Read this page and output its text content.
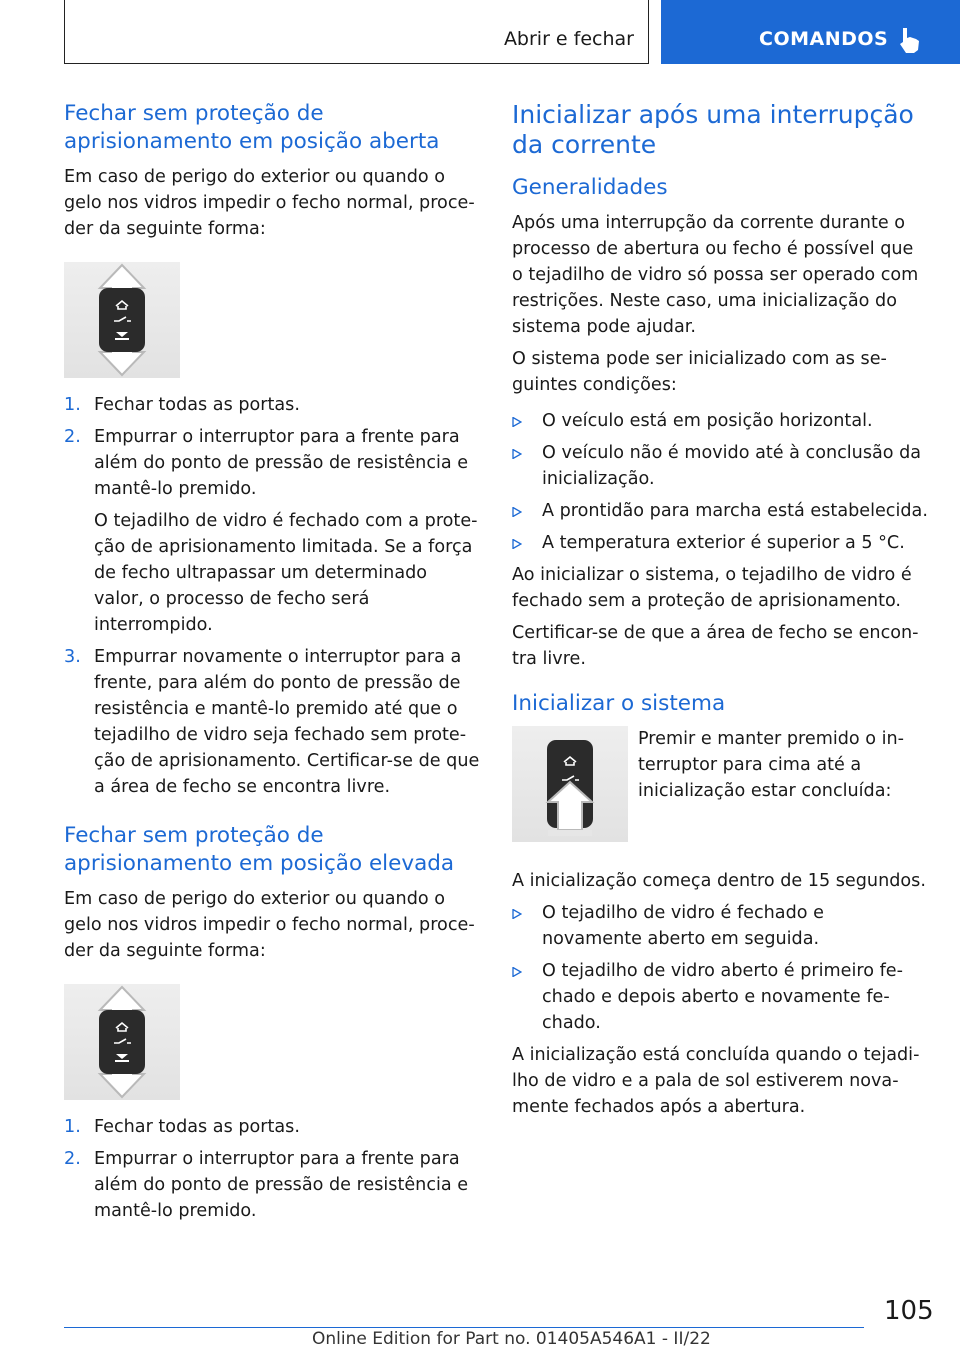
Abrir e fechar	COMANDOS
Fechar sem proteção de aprisionamento em posição aberta

Em caso de perigo do exterior ou quando o gelo nos vidros impedir o fecho normal, proceder da seguinte forma:

1. Fechar todas as portas.
2. Empurrar o interruptor para a frente para além do ponto de pressão de resistência e mantê-lo premido.
O tejadilho de vidro é fechado com a proteção de aprisionamento limitada. Se a força de fecho ultrapassar um determinado valor, o processo de fecho será interrompido.
3. Empurrar novamente o interruptor para a frente, para além do ponto de pressão de resistência e mantê-lo premido até que o tejadilho de vidro seja fechado sem proteção de aprisionamento. Certificar-se de que a área de fecho se encontra livre.
Fechar sem proteção de aprisionamento em posição elevada

Em caso de perigo do exterior ou quando o gelo nos vidros impedir o fecho normal, proceder da seguinte forma:

1. Fechar todas as portas.
2. Empurrar o interruptor para a frente para além do ponto de pressão de resistência e mantê-lo premido.
Inicializar após uma interrupção da corrente
Generalidades

Após uma interrupção da corrente durante o processo de abertura ou fecho é possível que o tejadilho de vidro só possa ser operado com restrições. Neste caso, uma inicialização do sistema pode ajudar.

O sistema pode ser inicializado com as seguintes condições:

O veículo está em posição horizontal.
O veículo não é movido até à conclusão da inicialização.
A prontidão para marcha está estabelecida.
A temperatura exterior é superior a 5 °C.

Ao inicializar o sistema, o tejadilho de vidro é fechado sem a proteção de aprisionamento.

Certificar-se de que a área de fecho se encontra livre.

Inicializar o sistema
Premir e manter premido o interruptor para cima até a inicialização estar concluída:

A inicialização começa dentro de 15 segundos.

O tejadilho de vidro é fechado e novamente aberto em seguida.
O tejadilho de vidro aberto é primeiro fechado e depois aberto e novamente fechado.

A inicialização está concluída quando o tejadilho de vidro e a pala de sol estiverem novamente fechados após a abertura.

105
Online Edition for Part no. 01405A546A1 - II/22
